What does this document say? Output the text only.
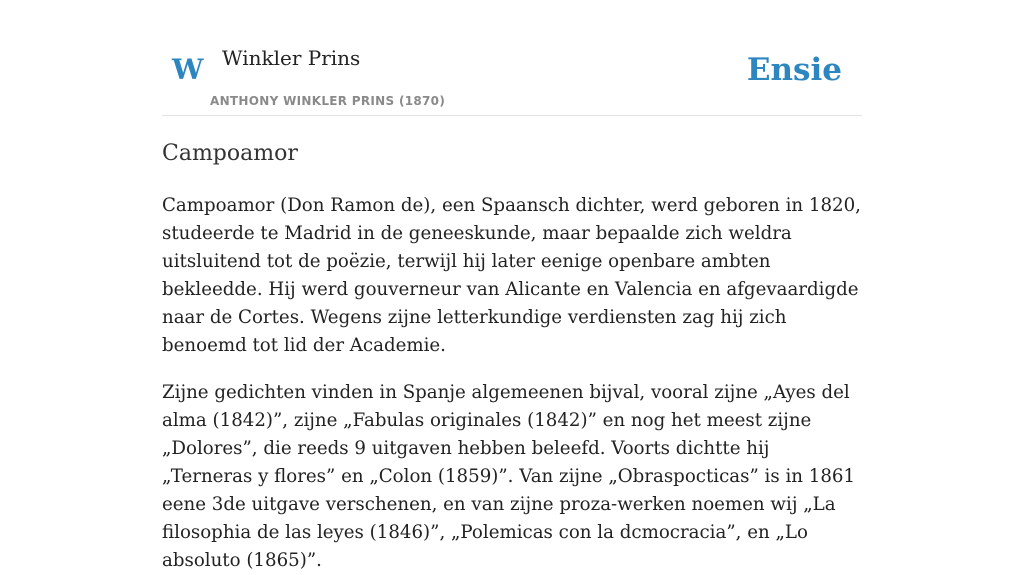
W Winkler Prins
ANTHONY WINKLER PRINS (1870)
Ensie
Campoamor

Campoamor (Don Ramon de), een Spaansch dichter, werd geboren in 1820, studeerde te Madrid in de geneeskunde, maar bepaalde zich weldra uitsluitend tot de poëzie, terwijl hij later eenige openbare ambten bekleedde. Hij werd gouverneur van Alicante en Valencia en afgevaardigde naar de Cortes. Wegens zijne letterkundige verdiensten zag hij zich benoemd tot lid der Academie.

Zijne gedichten vinden in Spanje algemeenen bijval, vooral zijne „Ayes del alma (1842)”, zijne „Fabulas originales (1842)” en nog het meest zijne „Dolores”, die reeds 9 uitgaven hebben beleefd. Voorts dichtte hij „Terneras y flores” en „Colon (1859)”. Van zijne „Obraspocticas” is in 1861 eene 3de uitgave verschenen, en van zijne proza-werken noemen wij „La filosophia de las leyes (1846)”, „Polemicas con la dcmocracia”, en „Lo absoluto (1865)”.
